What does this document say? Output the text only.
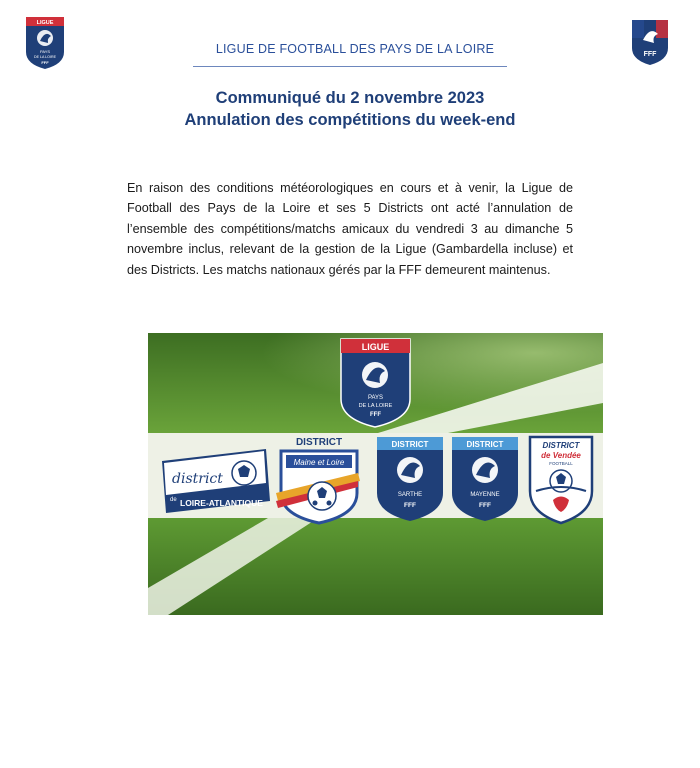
LIGUE
PAYS
DE LA LOIRE
FFF
LIGUE DE FOOTBALL DES PAYS DE LA LOIRE	FFF
Communiqué du 2 novembre 2023
Annulation des compétitions du week-end

En raison des conditions météorologiques en cours et à venir, la Ligue de Football des Pays de la Loire et ses 5 Districts ont acté l’annulation de l’ensemble des compétitions/matchs amicaux du vendredi 3 au dimanche 5 novembre inclus, relevant de la gestion de la Ligue (Gambardella incluse) et des Districts. Les matchs nationaux gérés par la FFF demeurent maintenus.

LIGUE
PAYS
DE LA LOIRE
FFF
district
de LOIRE-ATLANTIQUE
DISTRICT
Maine et Loire
DISTRICT
SARTHE
FFF
DISTRICT
MAYENNE
FFF
DISTRICT
de Vendée
FOOTBALL
